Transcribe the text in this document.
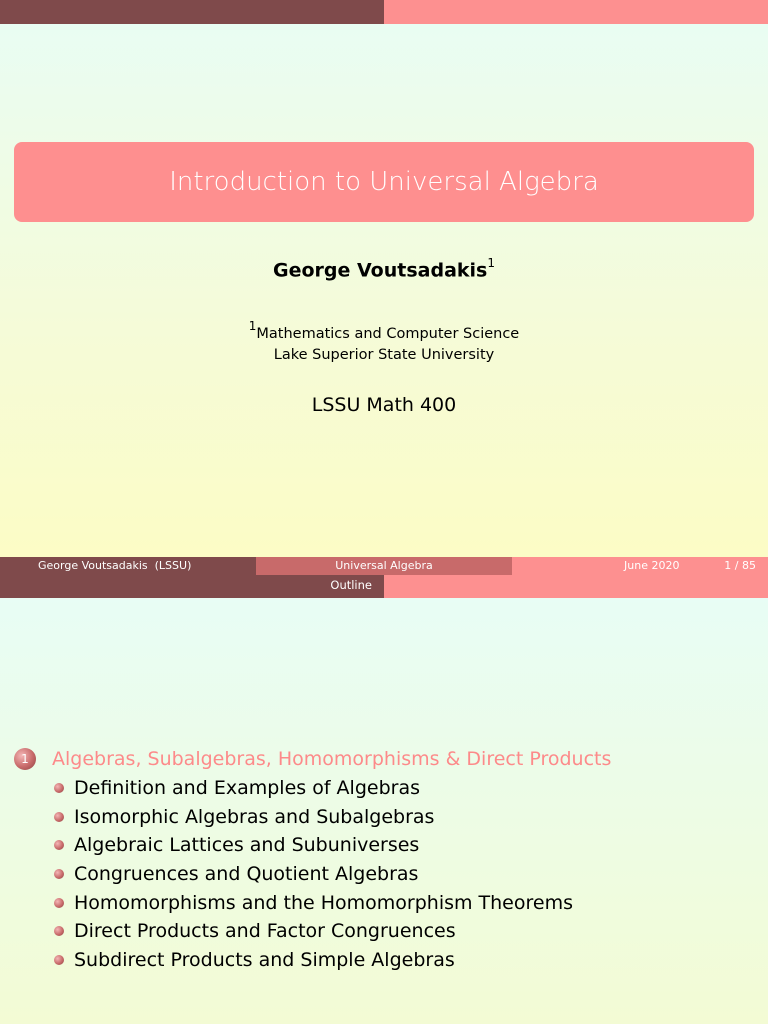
Introduction to Universal Algebra
George Voutsadakis$^1$
$^1$Mathematics and Computer Science
Lake Superior State University
LSSU Math 400
George Voutsadakis  (LSSU)	Universal Algebra	June 2020	1 / 85
Outline
1	Algebras, Subalgebras, Homomorphisms & Direct Products
Definition and Examples of Algebras
Isomorphic Algebras and Subalgebras
Algebraic Lattices and Subuniverses
Congruences and Quotient Algebras
Homomorphisms and the Homomorphism Theorems
Direct Products and Factor Congruences
Subdirect Products and Simple Algebras
